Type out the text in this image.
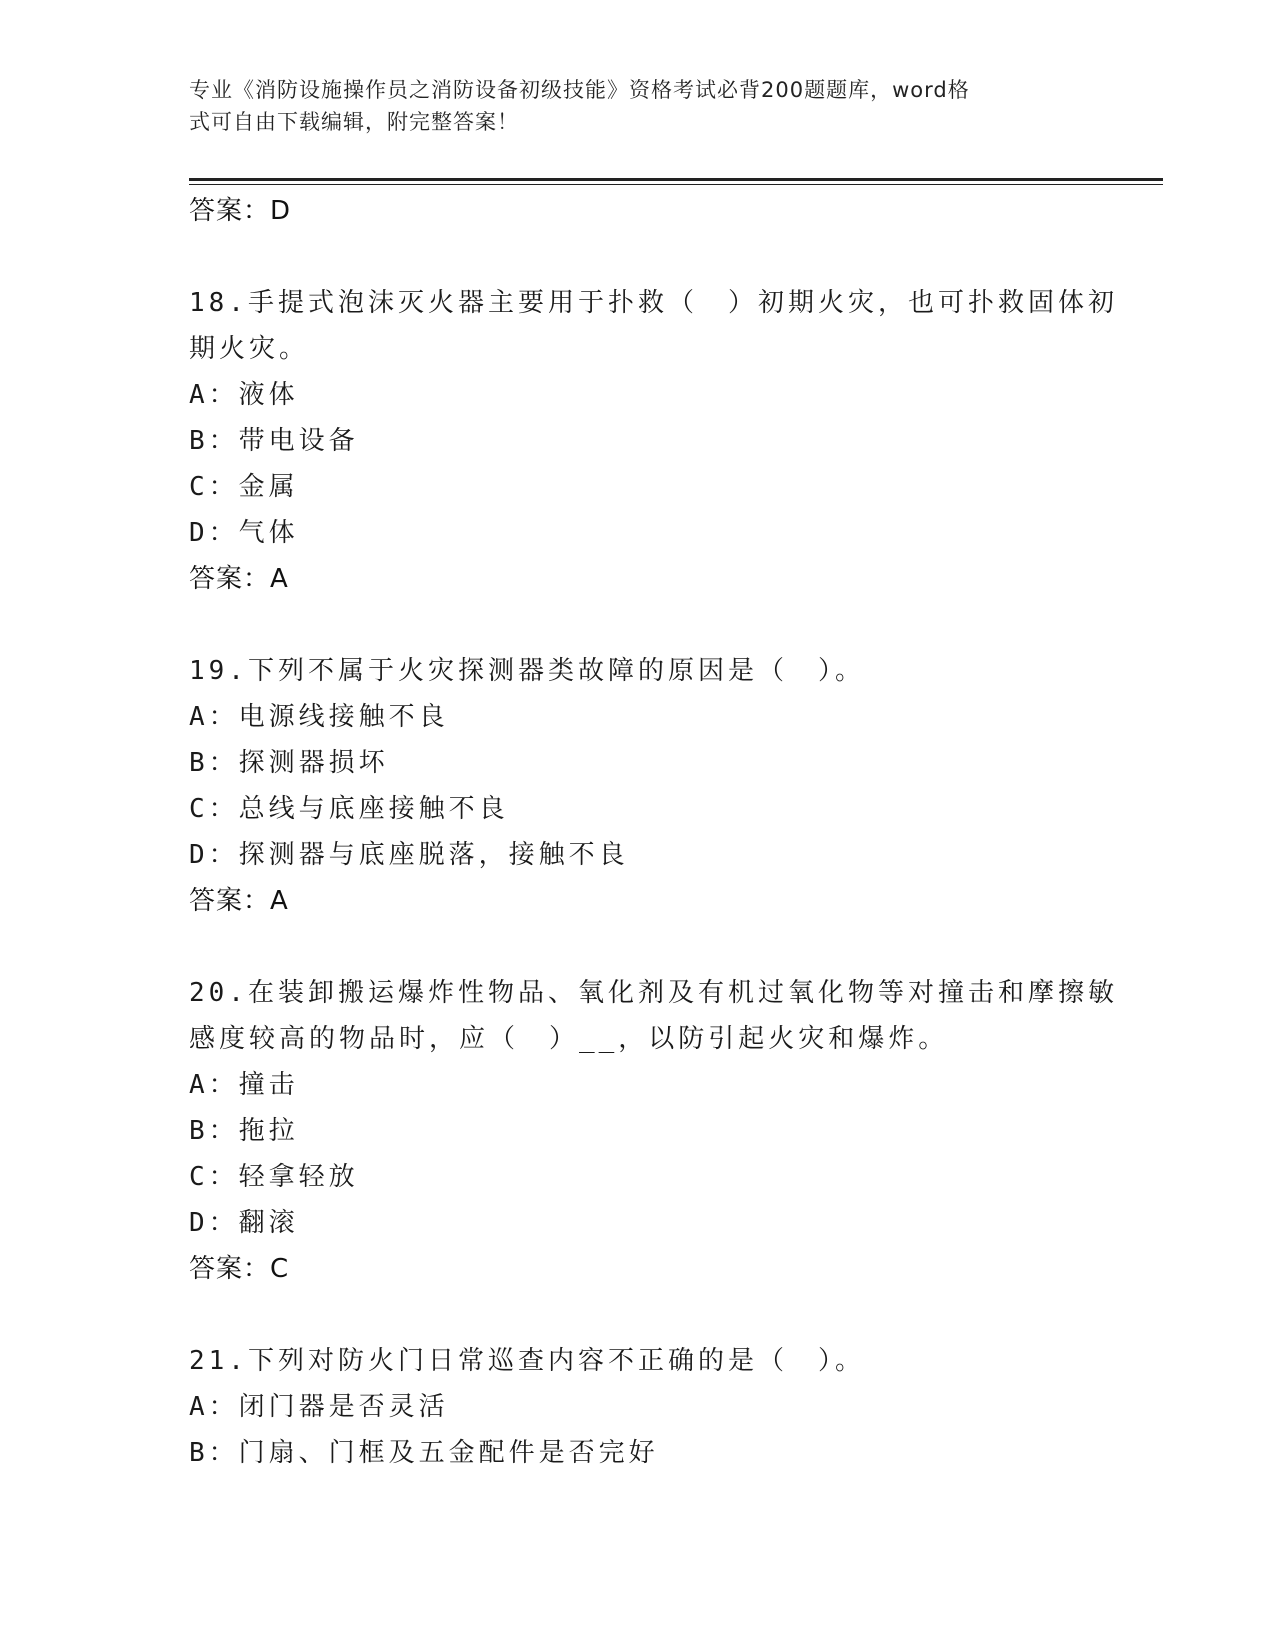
专业《消防设施操作员之消防设备初级技能》资格考试必背200题题库，word格
式可自由下载编辑，附完整答案！
答案：D
18.手提式泡沫灭火器主要用于扑救（　）初期火灾，也可扑救固体初
期火灾。
A：液体
B：带电设备
C：金属
D：气体
答案：A
19.下列不属于火灾探测器类故障的原因是（　）。
A：电源线接触不良
B：探测器损坏
C：总线与底座接触不良
D：探测器与底座脱落，接触不良
答案：A
20.在装卸搬运爆炸性物品、氧化剂及有机过氧化物等对撞击和摩擦敏
感度较高的物品时，应（　）__，以防引起火灾和爆炸。
A：撞击
B：拖拉
C：轻拿轻放
D：翻滚
答案：C
21.下列对防火门日常巡查内容不正确的是（　）。
A：闭门器是否灵活
B：门扇、门框及五金配件是否完好
